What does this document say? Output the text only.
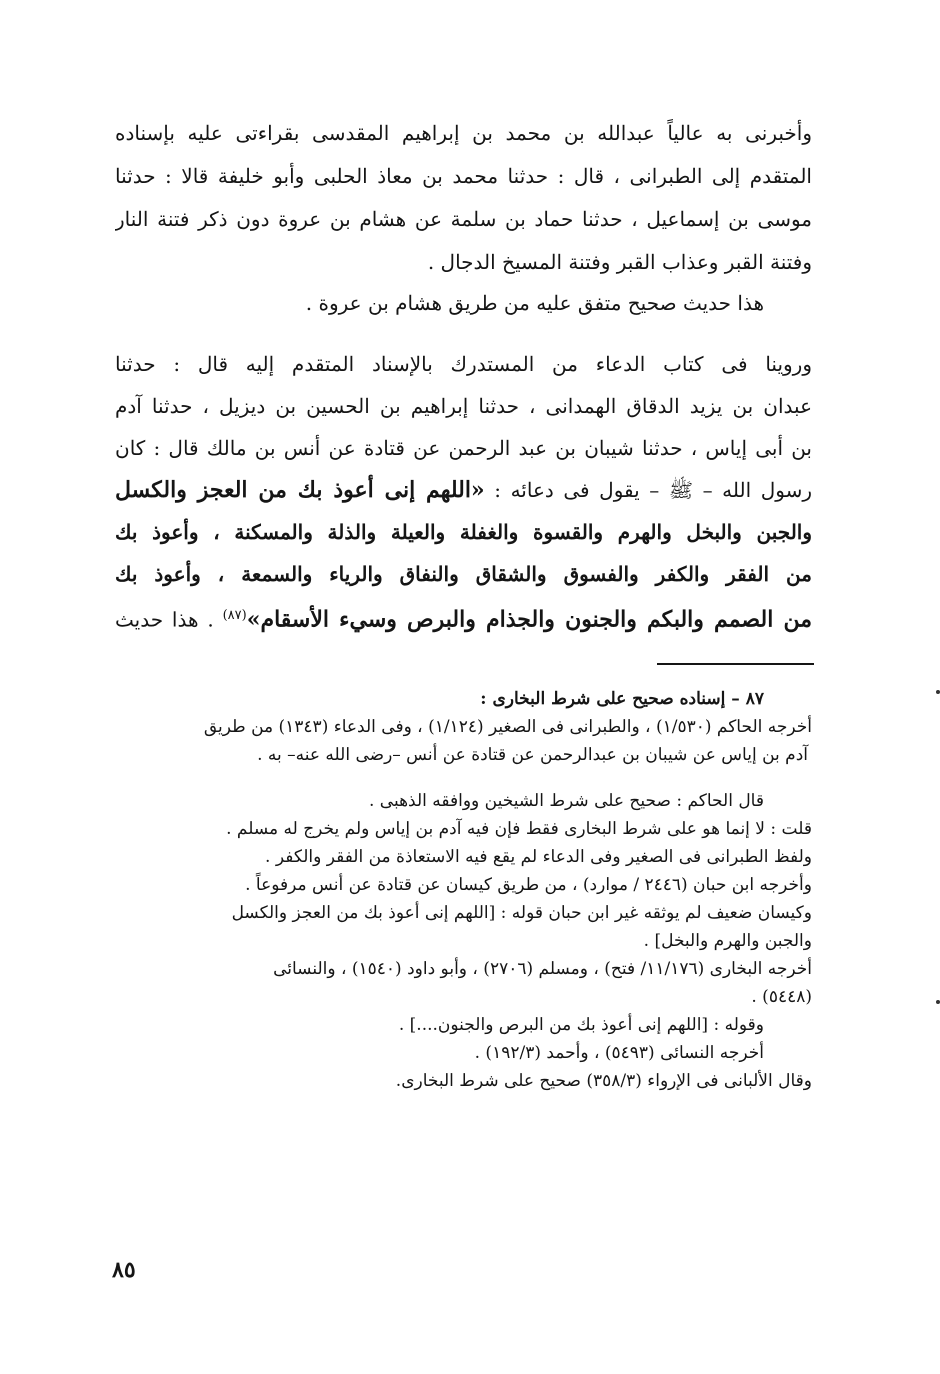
وأخبرنى به عالياً عبدالله بن محمد بن إبراهيم المقدسى بقراءتى عليه بإسناده
المتقدم إلى الطبرانى ، قال : حدثنا محمد بن معاذ الحلبى وأبو خليفة قالا : حدثنا
موسى بن إسماعيل ، حدثنا حماد بن سلمة عن هشام بن عروة دون ذكر فتنة النار
وفتنة القبر وعذاب القبر وفتنة المسيخ الدجال .
هذا حديث صحيح متفق عليه من طريق هشام بن عروة .
وروينا فى كتاب الدعاء من المستدرك بالإسناد المتقدم إليه قال : حدثنا
عبدان بن يزيد الدقاق الهمدانى ، حدثنا إبراهيم بن الحسين بن ديزيل ، حدثنا آدم
بن أبى إياس ، حدثنا شيبان بن عبد الرحمن عن قتادة عن أنس بن مالك قال : كان
رسول الله – ﷺ – يقول فى دعائه : «اللهم إنى أعوذ بك من العجز والكسل
والجبن والبخل والهرم والقسوة والغفلة والعيلة والذلة والمسكنة ، وأعوذ بك
من الفقر والكفر والفسوق والشقاق والنفاق والرياء والسمعة ، وأعوذ بك
من الصمم والبكم والجنون والجذام والبرص وسيء الأسقام»$^{(٨٧)}$ . هذا حديث
٨٧ – إسناده صحيح على شرط البخارى :
أخرجه الحاكم (١/٥٣٠) ، والطبرانى فى الصغير (١/١٢٤) ، وفى الدعاء (١٣٤٣) من طريق
آدم بن إياس عن شيبان بن عبدالرحمن عن قتادة عن أنس –رضى الله عنه– به .
قال الحاكم : صحيح على شرط الشيخين ووافقه الذهبى .
قلت : لا إنما هو على شرط البخارى فقط فإن فيه آدم بن إياس ولم يخرج له مسلم .
ولفظ الطبرانى فى الصغير وفى الدعاء لم يقع فيه الاستعاذة من الفقر والكفر .
وأخرجه ابن حبان (٢٤٤٦ / موارد) ، من طريق كيسان عن قتادة عن أنس مرفوعاً .
وكيسان ضعيف لم يوثقه غير ابن حبان قوله : [اللهم إنى أعوذ بك من العجز والكسل
والجبن والهرم والبخل] .
أخرجه البخارى (١١/١٧٦/ فتح) ، ومسلم (٢٧٠٦) ، وأبو داود (١٥٤٠) ، والنسائى
(٥٤٤٨) .
وقوله : [اللهم إنى أعوذ بك من البرص والجنون....] .
أخرجه النسائى (٥٤٩٣) ، وأحمد (١٩٢/٣) .
وقال الألبانى فى الإرواء (٣٥٨/٣) صحيح على شرط البخارى.
٨٥
